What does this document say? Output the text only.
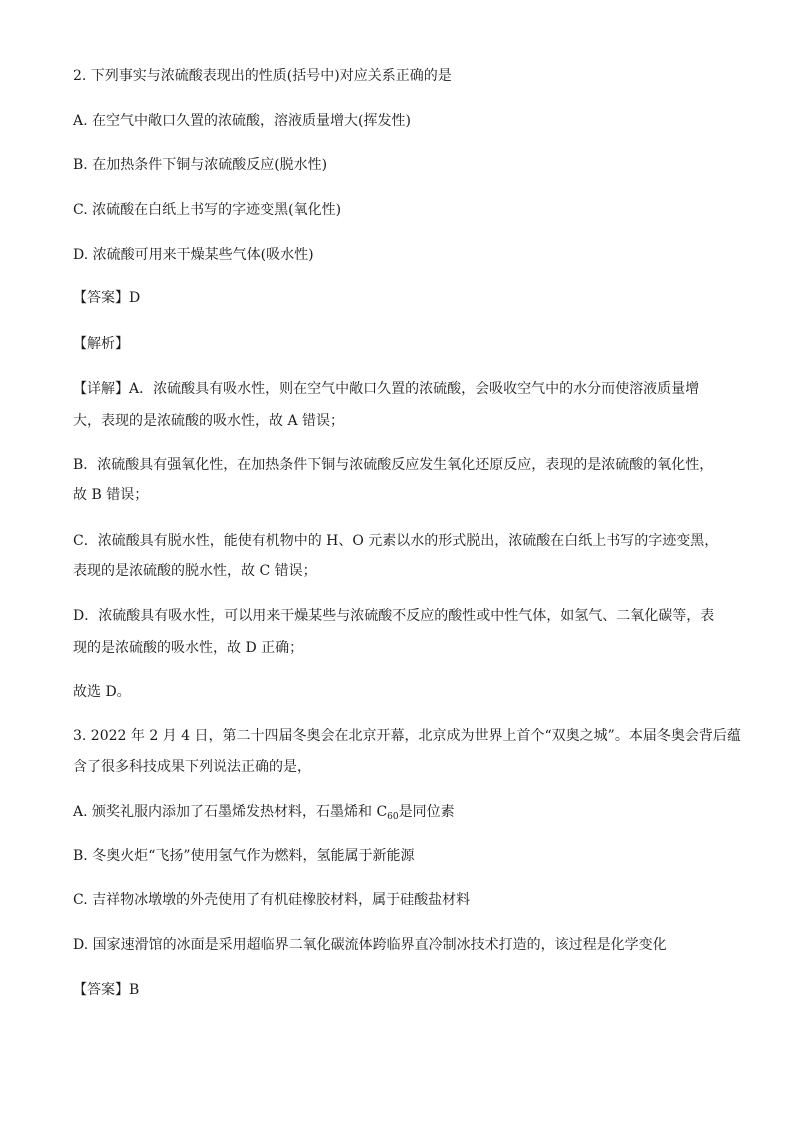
2. 下列事实与浓硫酸表现出的性质(括号中)对应关系正确的是
A. 在空气中敞口久置的浓硫酸，溶液质量增大(挥发性)
B. 在加热条件下铜与浓硫酸反应(脱水性)
C. 浓硫酸在白纸上书写的字迹变黑(氧化性)
D. 浓硫酸可用来干燥某些气体(吸水性)
【答案】D
【解析】
【详解】A．浓硫酸具有吸水性，则在空气中敞口久置的浓硫酸，会吸收空气中的水分而使溶液质量增
大，表现的是浓硫酸的吸水性，故 A 错误；
B．浓硫酸具有强氧化性，在加热条件下铜与浓硫酸反应发生氧化还原反应，表现的是浓硫酸的氧化性，
故 B 错误；
C．浓硫酸具有脱水性，能使有机物中的 H、O 元素以水的形式脱出，浓硫酸在白纸上书写的字迹变黑，
表现的是浓硫酸的脱水性，故 C 错误；
D．浓硫酸具有吸水性，可以用来干燥某些与浓硫酸不反应的酸性或中性气体，如氢气、二氧化碳等，表
现的是浓硫酸的吸水性，故 D 正确；
故选 D。
3. 2022 年 2 月 4 日，第二十四届冬奥会在北京开幕，北京成为世界上首个“双奥之城”。本届冬奥会背后蕴
含了很多科技成果下列说法正确的是，
A. 颁奖礼服内添加了石墨烯发热材料，石墨烯和 $C_{60}$是同位素
B. 冬奥火炬“飞扬”使用氢气作为燃料，氢能属于新能源
C. 吉祥物冰墩墩的外壳使用了有机硅橡胶材料，属于硅酸盐材料
D. 国家速滑馆的冰面是采用超临界二氧化碳流体跨临界直冷制冰技术打造的，该过程是化学变化
【答案】B
